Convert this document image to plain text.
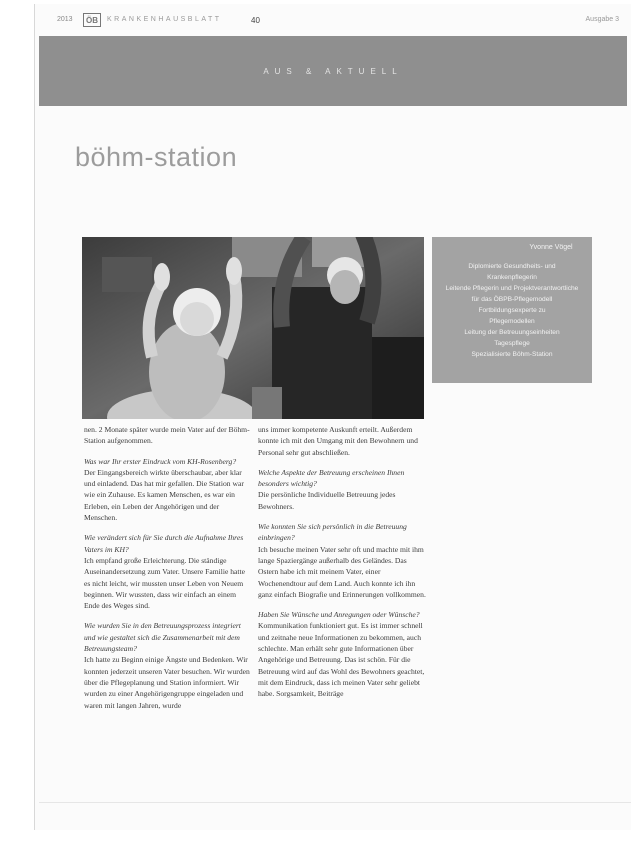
2013	ÖB	KRANKENHAUSBLATT	40	Ausgabe 3
AUS & AKTUELL
böhm-station
Yvonne Vögel
Diplomierte Gesundheits- und
Krankenpflegerin
Leitende Pflegerin und Projektverantwortliche
für das ÖBPB-Pflegemodell
Fortbildungsexperte zu
Pflegemodellen
Leitung der Betreuungseinheiten
Tagespflege
Spezialisierte Böhm-Station

nen. 2 Monate später wurde mein Vater auf der Böhm-Station aufgenommen.

Was war Ihr erster Eindruck vom KH-Rosenberg?

Der Eingangsbereich wirkte überschaubar, aber klar und einladend. Das hat mir gefallen. Die Station war wie ein Zuhause. Es kamen Menschen, es war ein Erleben, ein Leben der Angehörigen und der Menschen.

Wie verändert sich für Sie durch die Aufnahme Ihres Vaters im KH?

Ich empfand große Erleichterung. Die ständige Auseinandersetzung zum Vater. Unsere Familie hatte es nicht leicht, wir mussten unser Leben von Neuem beginnen. Wir wussten, dass wir einfach an einem Ende des Weges sind.

Wie wurden Sie in den Betreuungsprozess integriert und wie gestaltet sich die Zusammenarbeit mit dem Betreuungsteam?

Ich hatte zu Beginn einige Ängste und Bedenken. Wir konnten jederzeit unseren Vater besuchen. Wir wurden über die Pflegeplanung und Station informiert. Wir wurden zu einer Angehörigengruppe eingeladen und waren mit langen Jahren, wurde

uns immer kompetente Auskunft erteilt. Außerdem konnte ich mit den Umgang mit den Bewohnern und Personal sehr gut abschließen.

Welche Aspekte der Betreuung erscheinen Ihnen besonders wichtig?

Die persönliche Individuelle Betreuung jedes Bewohners.

Wie konnten Sie sich persönlich in die Betreuung einbringen?

Ich besuche meinen Vater sehr oft und machte mit ihm lange Spaziergänge außerhalb des Geländes. Das Ostern habe ich mit meinem Vater, einer Wochenendtour auf dem Land. Auch konnte ich ihn ganz einfach Biografie und Erinnerungen vollkommen.

Haben Sie Wünsche und Anregungen oder Wünsche?

Kommunikation funktioniert gut. Es ist immer schnell und zeitnahe neue Informationen zu bekommen, auch schlechte. Man erhält sehr gute Informationen über Angehörige und Betreuung. Das ist schön. Für die Betreuung wird auf das Wohl des Bewohners geachtet, mit dem Eindruck, dass ich meinen Vater sehr geliebt habe. Sorgsamkeit, Beiträge
